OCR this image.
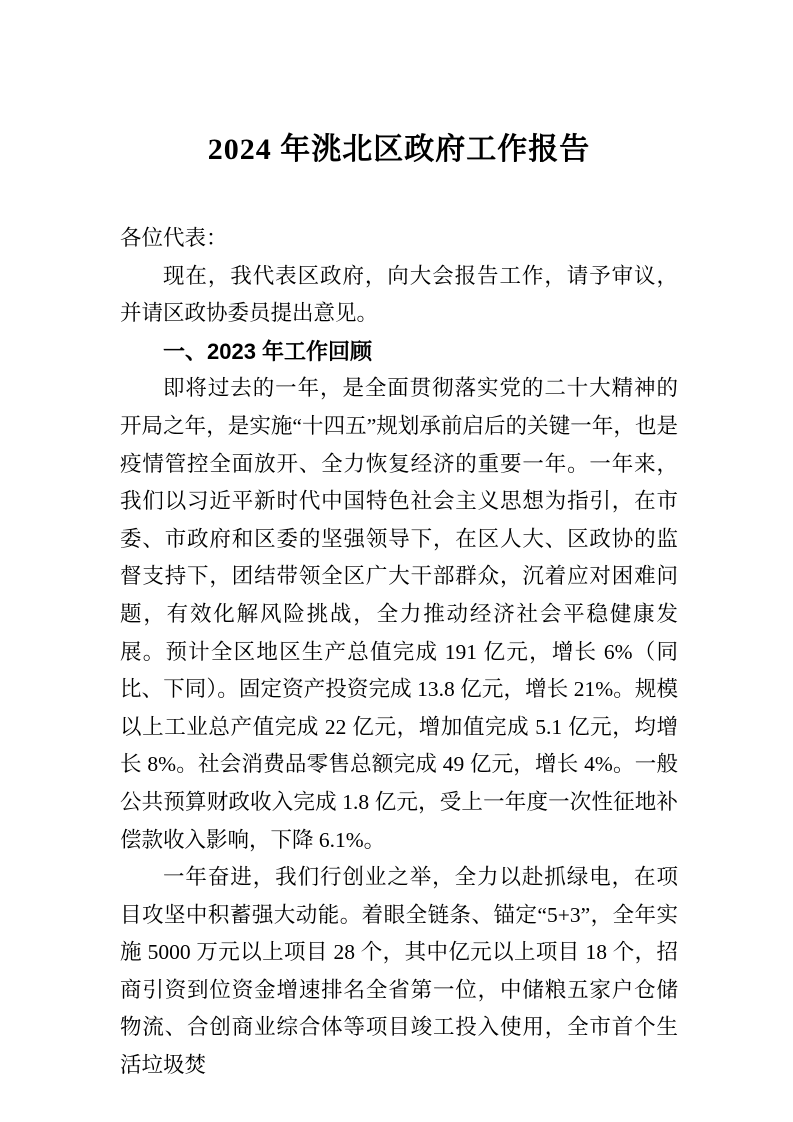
2024 年洮北区政府工作报告

各位代表：

现在，我代表区政府，向大会报告工作，请予审议，并请区政协委员提出意见。

一、2023 年工作回顾

即将过去的一年，是全面贯彻落实党的二十大精神的开局之年，是实施“十四五”规划承前启后的关键一年，也是疫情管控全面放开、全力恢复经济的重要一年。一年来，我们以习近平新时代中国特色社会主义思想为指引，在市委、市政府和区委的坚强领导下，在区人大、区政协的监督支持下，团结带领全区广大干部群众，沉着应对困难问题，有效化解风险挑战，全力推动经济社会平稳健康发展。预计全区地区生产总值完成 191 亿元，增长 6%（同比、下同）。固定资产投资完成 13.8 亿元，增长 21%。规模以上工业总产值完成 22 亿元，增加值完成 5.1 亿元，均增长 8%。社会消费品零售总额完成 49 亿元，增长 4%。一般公共预算财政收入完成 1.8 亿元，受上一年度一次性征地补偿款收入影响，下降 6.1%。

一年奋进，我们行创业之举，全力以赴抓绿电，在项目攻坚中积蓄强大动能。着眼全链条、锚定“5+3”，全年实施 5000 万元以上项目 28 个，其中亿元以上项目 18 个，招商引资到位资金增速排名全省第一位，中储粮五家户仓储物流、合创商业综合体等项目竣工投入使用，全市首个生活垃圾焚
